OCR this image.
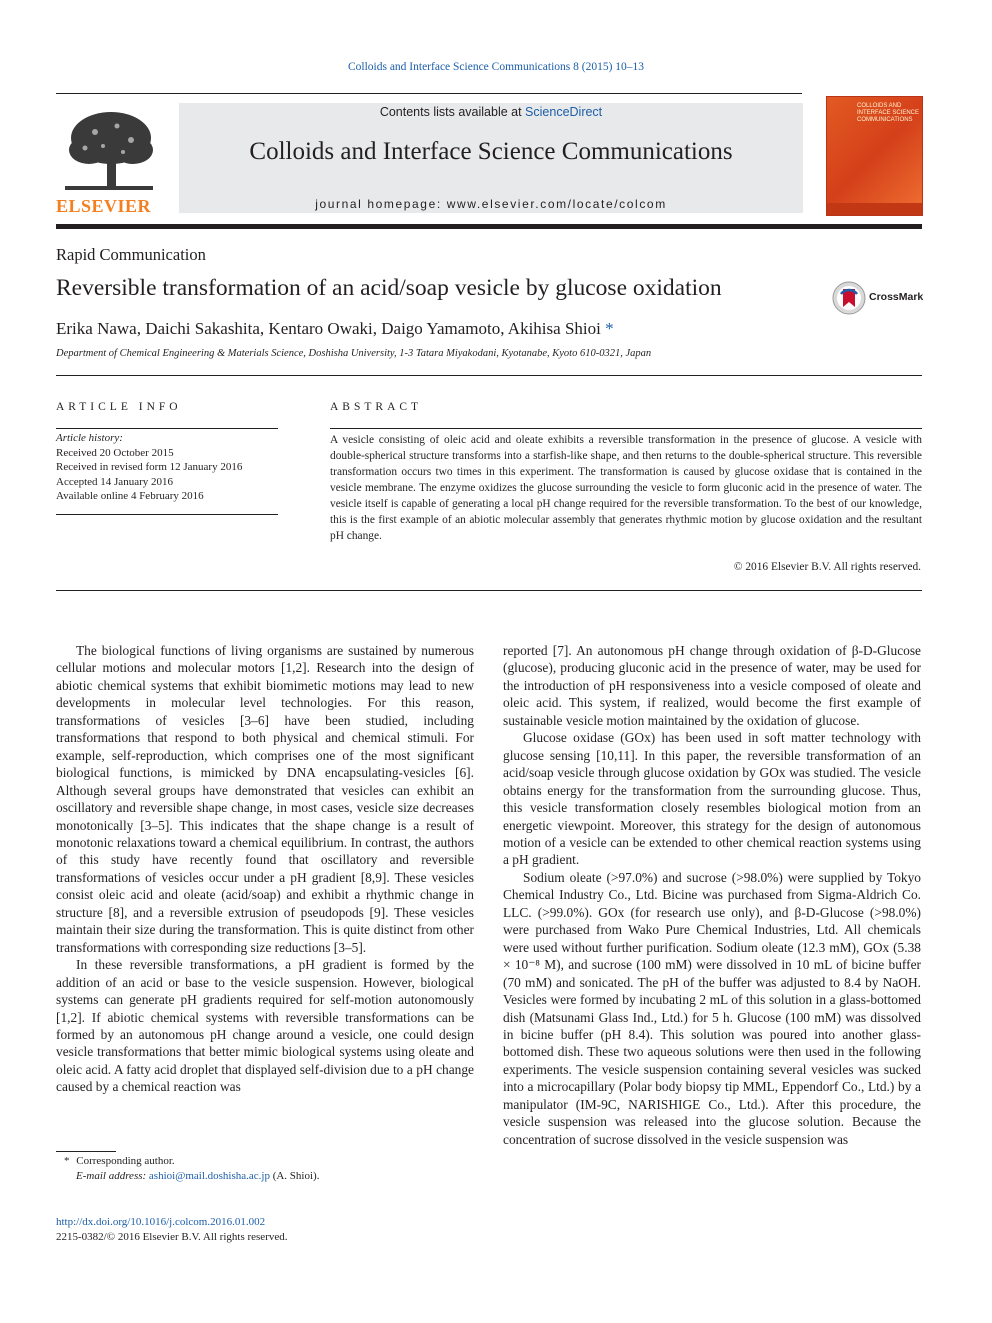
Colloids and Interface Science Communications 8 (2015) 10–13
ELSEVIER
Contents lists available at ScienceDirect
Colloids and Interface Science Communications
journal homepage: www.elsevier.com/locate/colcom
COLLOIDS AND INTERFACE SCIENCE COMMUNICATIONS
Rapid Communication
Reversible transformation of an acid/soap vesicle by glucose oxidation	CrossMark
Erika Nawa, Daichi Sakashita, Kentaro Owaki, Daigo Yamamoto, Akihisa Shioi *
Department of Chemical Engineering & Materials Science, Doshisha University, 1-3 Tatara Miyakodani, Kyotanabe, Kyoto 610-0321, Japan
ARTICLE INFO
Article history:
Received 20 October 2015
Received in revised form 12 January 2016
Accepted 14 January 2016
Available online 4 February 2016
ABSTRACT
A vesicle consisting of oleic acid and oleate exhibits a reversible transformation in the presence of glucose. A vesicle with double-spherical structure transforms into a starfish-like shape, and then returns to the double-spherical structure. This reversible transformation occurs two times in this experiment. The transformation is caused by glucose oxidase that is contained in the vesicle membrane. The enzyme oxidizes the glucose surrounding the vesicle to form gluconic acid in the presence of water. The vesicle itself is capable of generating a local pH change required for the reversible transformation. To the best of our knowledge, this is the first example of an abiotic molecular assembly that generates rhythmic motion by glucose oxidation and the resultant pH change.
© 2016 Elsevier B.V. All rights reserved.

The biological functions of living organisms are sustained by numerous cellular motions and molecular motors [1,2]. Research into the design of abiotic chemical systems that exhibit biomimetic motions may lead to new developments in molecular level technologies. For this reason, transformations of vesicles [3–6] have been studied, including transformations that respond to both physical and chemical stimuli. For example, self-reproduction, which comprises one of the most significant biological functions, is mimicked by DNA encapsulating-vesicles [6]. Although several groups have demonstrated that vesicles can exhibit an oscillatory and reversible shape change, in most cases, vesicle size decreases monotonically [3–5]. This indicates that the shape change is a result of monotonic relaxations toward a chemical equilibrium. In contrast, the authors of this study have recently found that oscillatory and reversible transformations of vesicles occur under a pH gradient [8,9]. These vesicles consist oleic acid and oleate (acid/soap) and exhibit a rhythmic change in structure [8], and a reversible extrusion of pseudopods [9]. These vesicles maintain their size during the transformation. This is quite distinct from other transformations with corresponding size reductions [3–5].

In these reversible transformations, a pH gradient is formed by the addition of an acid or base to the vesicle suspension. However, biological systems can generate pH gradients required for self-motion autonomously [1,2]. If abiotic chemical systems with reversible transformations can be formed by an autonomous pH change around a vesicle, one could design vesicle transformations that better mimic biological systems using oleate and oleic acid. A fatty acid droplet that displayed self-division due to a pH change caused by a chemical reaction was

reported [7]. An autonomous pH change through oxidation of β-D-Glucose (glucose), producing gluconic acid in the presence of water, may be used for the introduction of pH responsiveness into a vesicle composed of oleate and oleic acid. This system, if realized, would become the first example of sustainable vesicle motion maintained by the oxidation of glucose.

Glucose oxidase (GOx) has been used in soft matter technology with glucose sensing [10,11]. In this paper, the reversible transformation of an acid/soap vesicle through glucose oxidation by GOx was studied. The vesicle obtains energy for the transformation from the surrounding glucose. Thus, this vesicle transformation closely resembles biological motion from an energetic viewpoint. Moreover, this strategy for the design of autonomous motion of a vesicle can be extended to other chemical reaction systems using a pH gradient.

Sodium oleate (>97.0%) and sucrose (>98.0%) were supplied by Tokyo Chemical Industry Co., Ltd. Bicine was purchased from Sigma-Aldrich Co. LLC. (>99.0%). GOx (for research use only), and β-D-Glucose (>98.0%) were purchased from Wako Pure Chemical Industries, Ltd. All chemicals were used without further purification. Sodium oleate (12.3 mM), GOx (5.38 × 10⁻⁸ M), and sucrose (100 mM) were dissolved in 10 mL of bicine buffer (70 mM) and sonicated. The pH of the buffer was adjusted to 8.4 by NaOH. Vesicles were formed by incubating 2 mL of this solution in a glass-bottomed dish (Matsunami Glass Ind., Ltd.) for 5 h. Glucose (100 mM) was dissolved in bicine buffer (pH 8.4). This solution was poured into another glass-bottomed dish. These two aqueous solutions were then used in the following experiments. The vesicle suspension containing several vesicles was sucked into a microcapillary (Polar body biopsy tip MML, Eppendorf Co., Ltd.) by a manipulator (IM-9C, NARISHIGE Co., Ltd.). After this procedure, the vesicle suspension was released into the glucose solution. Because the concentration of sucrose dissolved in the vesicle suspension was

* Corresponding author.
E-mail address: ashioi@mail.doshisha.ac.jp (A. Shioi).
http://dx.doi.org/10.1016/j.colcom.2016.01.002
2215-0382/© 2016 Elsevier B.V. All rights reserved.
